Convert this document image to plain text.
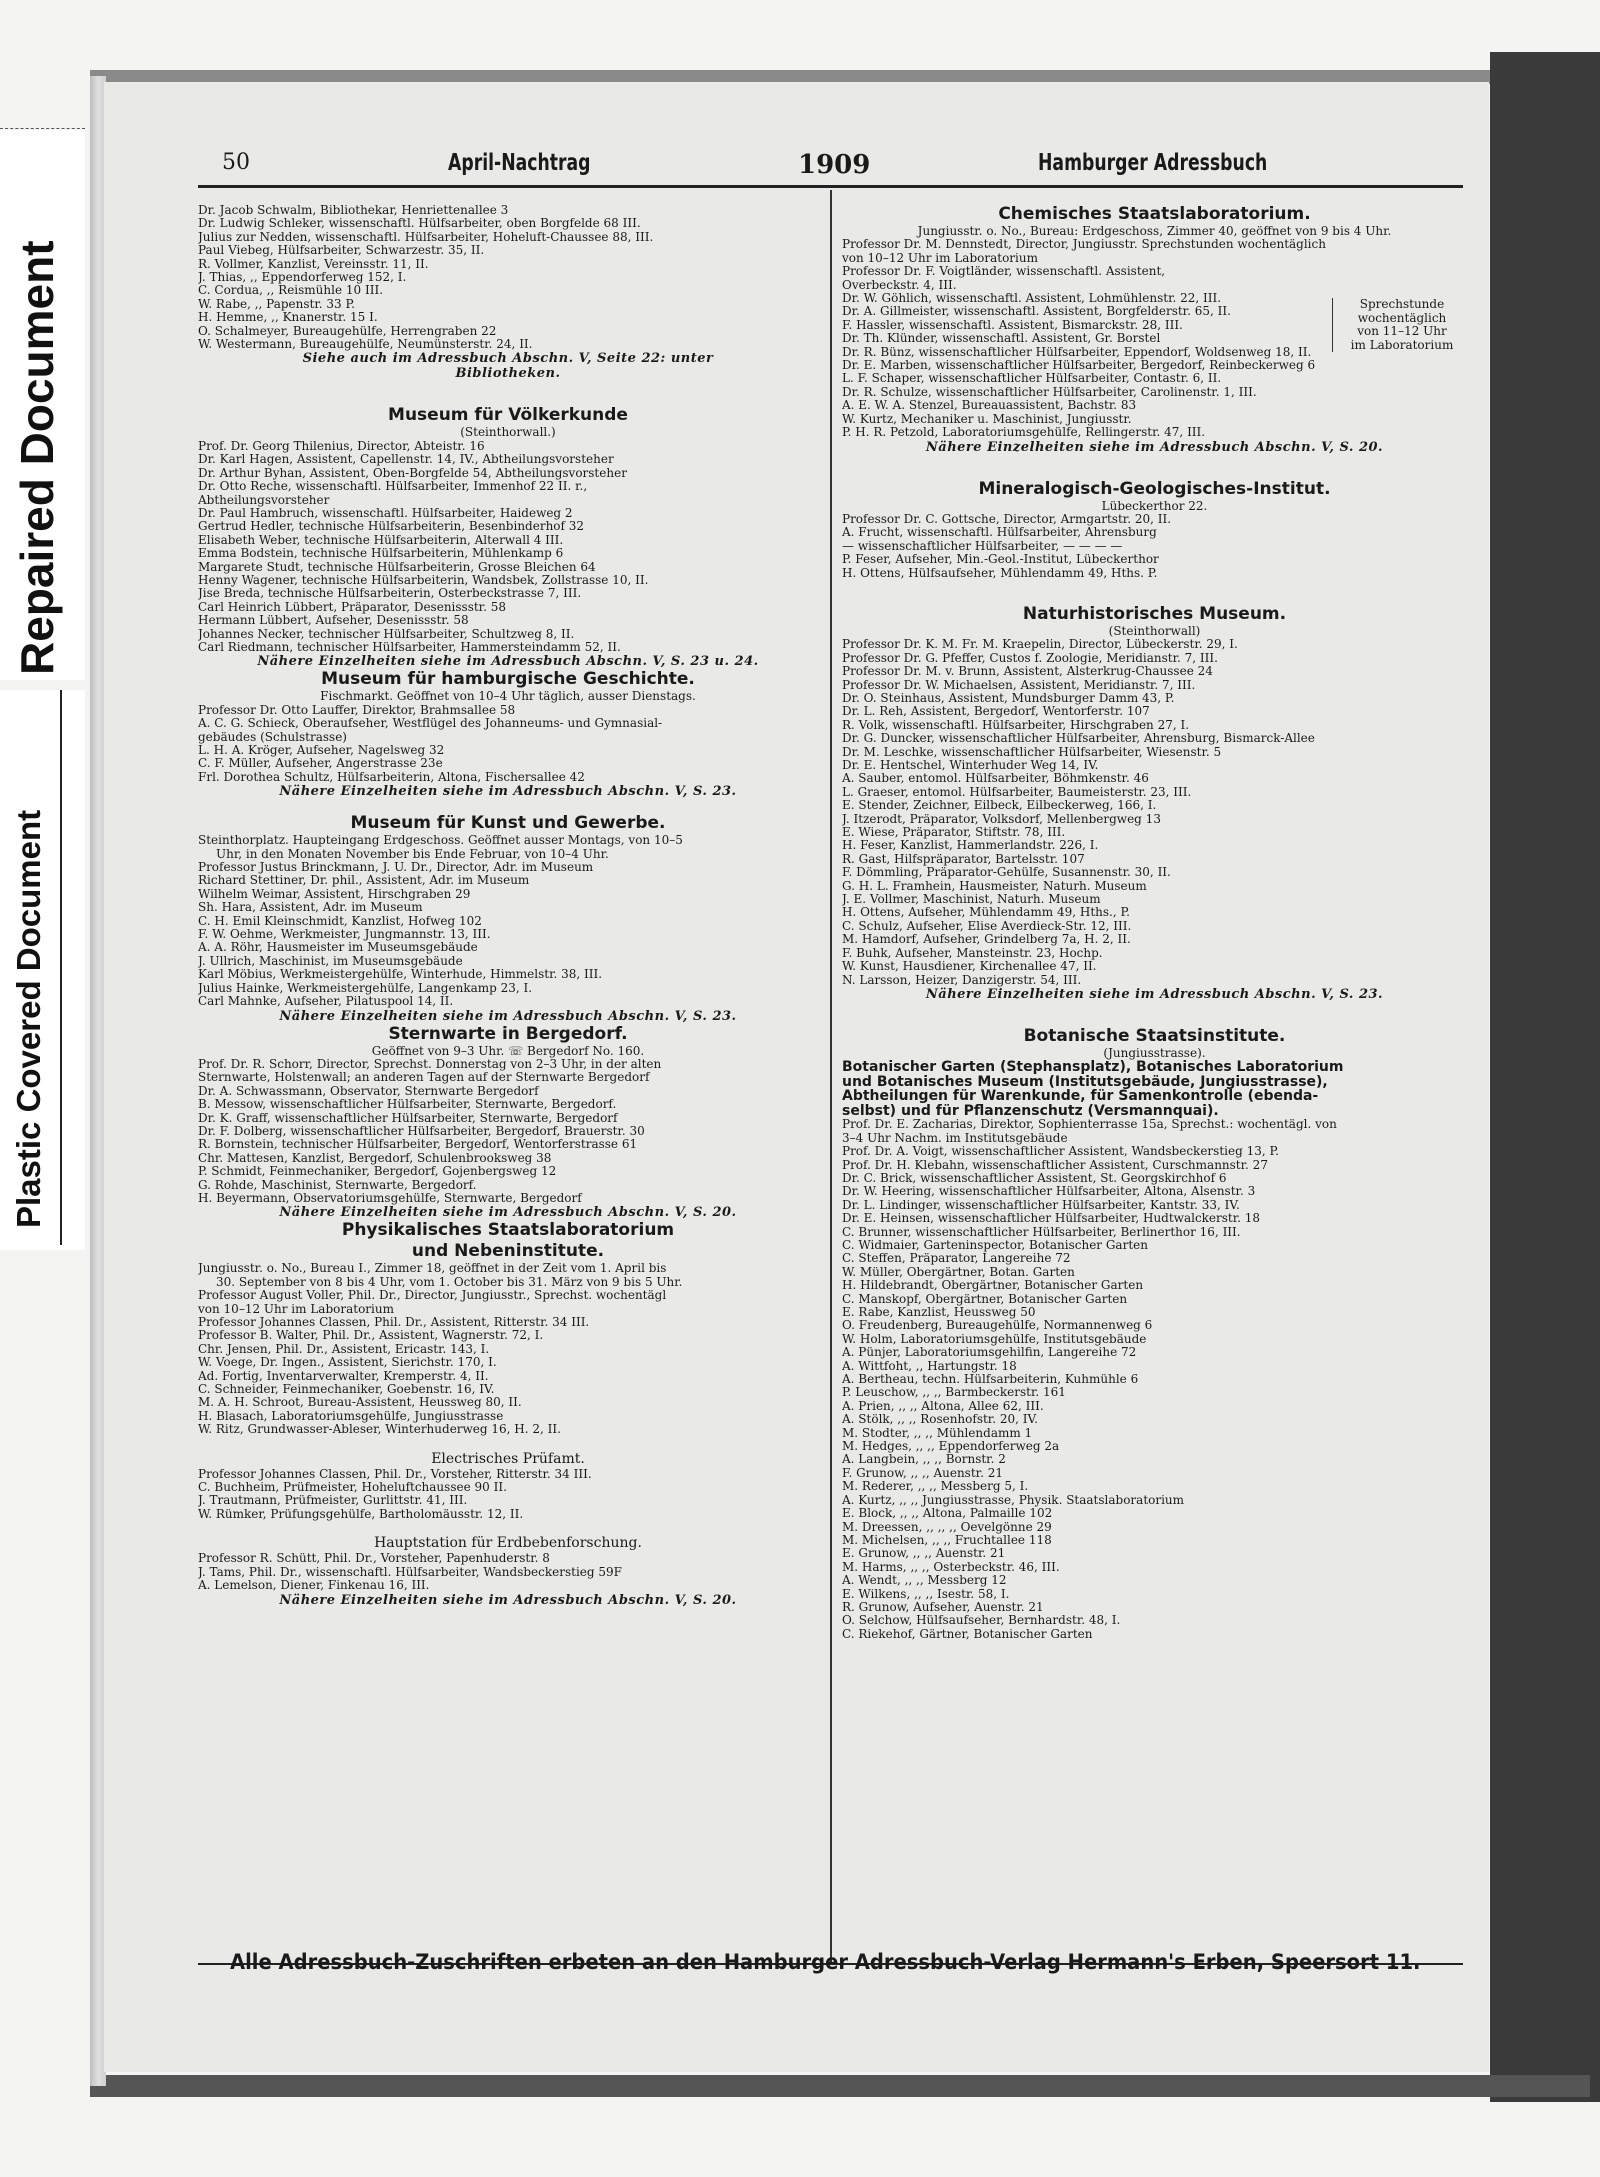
Repaired Document
Plastic Covered Document
50	April-Nachtrag	1909	Hamburger Adressbuch
Dr. Jacob Schwalm, Bibliothekar, Henriettenallee 3
Dr. Ludwig Schleker, wissenschaftl. Hülfsarbeiter, oben Borgfelde 68 III.
Julius zur Nedden, wissenschaftl. Hülfsarbeiter, Hoheluft-Chaussee 88, III.
Paul Viebeg, Hülfsarbeiter, Schwarzestr. 35, II.
R. Vollmer, Kanzlist, Vereinsstr. 11, II.
J. Thias, ,, Eppendorferweg 152, I.
C. Cordua, ,, Reismühle 10 III.
W. Rabe, ,, Papenstr. 33 P.
H. Hemme, ,, Knanerstr. 15 I.
O. Schalmeyer, Bureaugehülfe, Herrengraben 22
W. Westermann, Bureaugehülfe, Neumünsterstr. 24, II.
Siehe auch im Adressbuch Abschn. V, Seite 22: unter
Bibliotheken.
Museum für Völkerkunde
(Steinthorwall.)
Prof. Dr. Georg Thilenius, Director, Abteistr. 16
Dr. Karl Hagen, Assistent, Capellenstr. 14, IV., Abtheilungsvorsteher
Dr. Arthur Byhan, Assistent, Oben-Borgfelde 54, Abtheilungsvorsteher
Dr. Otto Reche, wissenschaftl. Hülfsarbeiter, Immenhof 22 II. r.,
Abtheilungsvorsteher
Dr. Paul Hambruch, wissenschaftl. Hülfsarbeiter, Haideweg 2
Gertrud Hedler, technische Hülfsarbeiterin, Besenbinderhof 32
Elisabeth Weber, technische Hülfsarbeiterin, Alterwall 4 III.
Emma Bodstein, technische Hülfsarbeiterin, Mühlenkamp 6
Margarete Studt, technische Hülfsarbeiterin, Grosse Bleichen 64
Henny Wagener, technische Hülfsarbeiterin, Wandsbek, Zollstrasse 10, II.
Jise Breda, technische Hülfsarbeiterin, Osterbeckstrasse 7, III.
Carl Heinrich Lübbert, Präparator, Desenissstr. 58
Hermann Lübbert, Aufseher, Desenissstr. 58
Johannes Necker, technischer Hülfsarbeiter, Schultzweg 8, II.
Carl Riedmann, technischer Hülfsarbeiter, Hammersteindamm 52, II.
Nähere Einzelheiten siehe im Adressbuch Abschn. V, S. 23 u. 24.
Museum für hamburgische Geschichte.
Fischmarkt. Geöffnet von 10–4 Uhr täglich, ausser Dienstags.
Professor Dr. Otto Lauffer, Direktor, Brahmsallee 58
A. C. G. Schieck, Oberaufseher, Westflügel des Johanneums- und Gymnasial-
gebäudes (Schulstrasse)
L. H. A. Kröger, Aufseher, Nagelsweg 32
C. F. Müller, Aufseher, Angerstrasse 23e
Frl. Dorothea Schultz, Hülfsarbeiterin, Altona, Fischersallee 42
Nähere Einzelheiten siehe im Adressbuch Abschn. V, S. 23.
Museum für Kunst und Gewerbe.
Steinthorplatz. Haupteingang Erdgeschoss. Geöffnet ausser Montags, von 10–5
Uhr, in den Monaten November bis Ende Februar, von 10–4 Uhr.
Professor Justus Brinckmann, J. U. Dr., Director, Adr. im Museum
Richard Stettiner, Dr. phil., Assistent, Adr. im Museum
Wilhelm Weimar, Assistent, Hirschgraben 29
Sh. Hara, Assistent, Adr. im Museum
C. H. Emil Kleinschmidt, Kanzlist, Hofweg 102
F. W. Oehme, Werkmeister, Jungmannstr. 13, III.
A. A. Röhr, Hausmeister im Museumsgebäude
J. Ullrich, Maschinist, im Museumsgebäude
Karl Möbius, Werkmeistergehülfe, Winterhude, Himmelstr. 38, III.
Julius Hainke, Werkmeistergehülfe, Langenkamp 23, I.
Carl Mahnke, Aufseher, Pilatuspool 14, II.
Nähere Einzelheiten siehe im Adressbuch Abschn. V, S. 23.
Sternwarte in Bergedorf.
Geöffnet von 9–3 Uhr. ☏ Bergedorf No. 160.
Prof. Dr. R. Schorr, Director, Sprechst. Donnerstag von 2–3 Uhr, in der alten
Sternwarte, Holstenwall; an anderen Tagen auf der Sternwarte Bergedorf
Dr. A. Schwassmann, Observator, Sternwarte Bergedorf
B. Messow, wissenschaftlicher Hülfsarbeiter, Sternwarte, Bergedorf.
Dr. K. Graff, wissenschaftlicher Hülfsarbeiter, Sternwarte, Bergedorf
Dr. F. Dolberg, wissenschaftlicher Hülfsarbeiter, Bergedorf, Brauerstr. 30
R. Bornstein, technischer Hülfsarbeiter, Bergedorf, Wentorferstrasse 61
Chr. Mattesen, Kanzlist, Bergedorf, Schulenbrooksweg 38
P. Schmidt, Feinmechaniker, Bergedorf, Gojenbergsweg 12
G. Rohde, Maschinist, Sternwarte, Bergedorf.
H. Beyermann, Observatoriumsgehülfe, Sternwarte, Bergedorf
Nähere Einzelheiten siehe im Adressbuch Abschn. V, S. 20.
Physikalisches Staatslaboratorium
und Nebeninstitute.
Jungiusstr. o. No., Bureau I., Zimmer 18, geöffnet in der Zeit vom 1. April bis
30. September von 8 bis 4 Uhr, vom 1. October bis 31. März von 9 bis 5 Uhr.
Professor August Voller, Phil. Dr., Director, Jungiusstr., Sprechst. wochentägl
von 10–12 Uhr im Laboratorium
Professor Johannes Classen, Phil. Dr., Assistent, Ritterstr. 34 III.
Professor B. Walter, Phil. Dr., Assistent, Wagnerstr. 72, I.
Chr. Jensen, Phil. Dr., Assistent, Ericastr. 143, I.
W. Voege, Dr. Ingen., Assistent, Sierichstr. 170, I.
Ad. Fortig, Inventarverwalter, Kremperstr. 4, II.
C. Schneider, Feinmechaniker, Goebenstr. 16, IV.
M. A. H. Schroot, Bureau-Assistent, Heussweg 80, II.
H. Blasach, Laboratoriumsgehülfe, Jungiusstrasse
W. Ritz, Grundwasser-Ableser, Winterhuderweg 16, H. 2, II.
Electrisches Prüfamt.
Professor Johannes Classen, Phil. Dr., Vorsteher, Ritterstr. 34 III.
C. Buchheim, Prüfmeister, Hoheluftchaussee 90 II.
J. Trautmann, Prüfmeister, Gurlittstr. 41, III.
W. Rümker, Prüfungsgehülfe, Bartholomäusstr. 12, II.
Hauptstation für Erdbebenforschung.
Professor R. Schütt, Phil. Dr., Vorsteher, Papenhuderstr. 8
J. Tams, Phil. Dr., wissenschaftl. Hülfsarbeiter, Wandsbeckerstieg 59F
A. Lemelson, Diener, Finkenau 16, III.
Nähere Einzelheiten siehe im Adressbuch Abschn. V, S. 20.
Chemisches Staatslaboratorium.
Jungiusstr. o. No., Bureau: Erdgeschoss, Zimmer 40, geöffnet von 9 bis 4 Uhr.
Professor Dr. M. Dennstedt, Director, Jungiusstr. Sprechstunden wochentäglich
von 10–12 Uhr im Laboratorium
Professor Dr. F. Voigtländer, wissenschaftl. Assistent,
Overbeckstr. 4, III.
Dr. W. Göhlich, wissenschaftl. Assistent, Lohmühlenstr. 22, III.
Dr. A. Gillmeister, wissenschaftl. Assistent, Borgfelderstr. 65, II.
F. Hassler, wissenschaftl. Assistent, Bismarckstr. 28, III.
Dr. Th. Klünder, wissenschaftl. Assistent, Gr. Borstel
Dr. R. Bünz, wissenschaftlicher Hülfsarbeiter, Eppendorf, Woldsenweg 18, II.
Dr. E. Marben, wissenschaftlicher Hülfsarbeiter, Bergedorf, Reinbeckerweg 6
L. F. Schaper, wissenschaftlicher Hülfsarbeiter, Contastr. 6, II.
Dr. R. Schulze, wissenschaftlicher Hülfsarbeiter, Carolinenstr. 1, III.
A. E. W. A. Stenzel, Bureauassistent, Bachstr. 83
W. Kurtz, Mechaniker u. Maschinist, Jungiusstr.
P. H. R. Petzold, Laboratoriumsgehülfe, Rellingerstr. 47, III.
Sprechstunde
wochentäglich
von 11–12 Uhr
im Laboratorium
Nähere Einzelheiten siehe im Adressbuch Abschn. V, S. 20.
Mineralogisch-Geologisches-Institut.
Lübeckerthor 22.
Professor Dr. C. Gottsche, Director, Armgartstr. 20, II.
A. Frucht, wissenschaftl. Hülfsarbeiter, Ahrensburg
— wissenschaftlicher Hülfsarbeiter, — — — —
P. Feser, Aufseher, Min.-Geol.-Institut, Lübeckerthor
H. Ottens, Hülfsaufseher, Mühlendamm 49, Hths. P.
Naturhistorisches Museum.
(Steinthorwall)
Professor Dr. K. M. Fr. M. Kraepelin, Director, Lübeckerstr. 29, I.
Professor Dr. G. Pfeffer, Custos f. Zoologie, Meridianstr. 7, III.
Professor Dr. M. v. Brunn, Assistent, Alsterkrug-Chaussee 24
Professor Dr. W. Michaelsen, Assistent, Meridianstr. 7, III.
Dr. O. Steinhaus, Assistent, Mundsburger Damm 43, P.
Dr. L. Reh, Assistent, Bergedorf, Wentorferstr. 107
R. Volk, wissenschaftl. Hülfsarbeiter, Hirschgraben 27, I.
Dr. G. Duncker, wissenschaftlicher Hülfsarbeiter, Ahrensburg, Bismarck-Allee
Dr. M. Leschke, wissenschaftlicher Hülfsarbeiter, Wiesenstr. 5
Dr. E. Hentschel, Winterhuder Weg 14, IV.
A. Sauber, entomol. Hülfsarbeiter, Böhmkenstr. 46
L. Graeser, entomol. Hülfsarbeiter, Baumeisterstr. 23, III.
E. Stender, Zeichner, Eilbeck, Eilbeckerweg, 166, I.
J. Itzerodt, Präparator, Volksdorf, Mellenbergweg 13
E. Wiese, Präparator, Stiftstr. 78, III.
H. Feser, Kanzlist, Hammerlandstr. 226, I.
R. Gast, Hilfspräparator, Bartelsstr. 107
F. Dömmling, Präparator-Gehülfe, Susannenstr. 30, II.
G. H. L. Framhein, Hausmeister, Naturh. Museum
J. E. Vollmer, Maschinist, Naturh. Museum
H. Ottens, Aufseher, Mühlendamm 49, Hths., P.
C. Schulz, Aufseher, Elise Averdieck-Str. 12, III.
M. Hamdorf, Aufseher, Grindelberg 7a, H. 2, II.
F. Buhk, Aufseher, Mansteinstr. 23, Hochp.
W. Kunst, Hausdiener, Kirchenallee 47, II.
N. Larsson, Heizer, Danzigerstr. 54, III.
Nähere Einzelheiten siehe im Adressbuch Abschn. V, S. 23.
Botanische Staatsinstitute.
(Jungiusstrasse).
Botanischer Garten (Stephansplatz), Botanisches Laboratorium
und Botanisches Museum (Institutsgebäude, Jungiusstrasse),
Abtheilungen für Warenkunde, für Samenkontrolle (ebenda-
selbst) und für Pflanzenschutz (Versmannquai).
Prof. Dr. E. Zacharias, Direktor, Sophienterrasse 15a, Sprechst.: wochentägl. von
3–4 Uhr Nachm. im Institutsgebäude
Prof. Dr. A. Voigt, wissenschaftlicher Assistent, Wandsbeckerstieg 13, P.
Prof. Dr. H. Klebahn, wissenschaftlicher Assistent, Curschmannstr. 27
Dr. C. Brick, wissenschaftlicher Assistent, St. Georgskirchhof 6
Dr. W. Heering, wissenschaftlicher Hülfsarbeiter, Altona, Alsenstr. 3
Dr. L. Lindinger, wissenschaftlicher Hülfsarbeiter, Kantstr. 33, IV.
Dr. E. Heinsen, wissenschaftlicher Hülfsarbeiter, Hudtwalckerstr. 18
C. Brunner, wissenschaftlicher Hülfsarbeiter, Berlinerthor 16, III.
C. Widmaier, Garteninspector, Botanischer Garten
C. Steffen, Präparator, Langereihe 72
W. Müller, Obergärtner, Botan. Garten
H. Hildebrandt, Obergärtner, Botanischer Garten
C. Manskopf, Obergärtner, Botanischer Garten
E. Rabe, Kanzlist, Heussweg 50
O. Freudenberg, Bureaugehülfe, Normannenweg 6
W. Holm, Laboratoriumsgehülfe, Institutsgebäude
A. Pünjer, Laboratoriumsgehilfin, Langereihe 72
A. Wittfoht, ,, Hartungstr. 18
A. Bertheau, techn. Hülfsarbeiterin, Kuhmühle 6
P. Leuschow, ,, ,, Barmbeckerstr. 161
A. Prien, ,, ,, Altona, Allee 62, III.
A. Stölk, ,, ,, Rosenhofstr. 20, IV.
M. Stodter, ,, ,, Mühlendamm 1
M. Hedges, ,, ,, Eppendorferweg 2a
A. Langbein, ,, ,, Bornstr. 2
F. Grunow, ,, ,, Auenstr. 21
M. Rederer, ,, ,, Messberg 5, I.
A. Kurtz, ,, ,, Jungiusstrasse, Physik. Staatslaboratorium
E. Block, ,, ,, Altona, Palmaille 102
M. Dreessen, ,, ,, ,, Oevelgönne 29
M. Michelsen, ,, ,, Fruchtallee 118
E. Grunow, ,, ,, Auenstr. 21
M. Harms, ,, ,, Osterbeckstr. 46, III.
A. Wendt, ,, ,, Messberg 12
E. Wilkens, ,, ,, Isestr. 58, I.
R. Grunow, Aufseher, Auenstr. 21
O. Selchow, Hülfsaufseher, Bernhardstr. 48, I.
C. Riekehof, Gärtner, Botanischer Garten
Alle Adressbuch-Zuschriften erbeten an den Hamburger Adressbuch-Verlag Hermann's Erben, Speersort 11.
